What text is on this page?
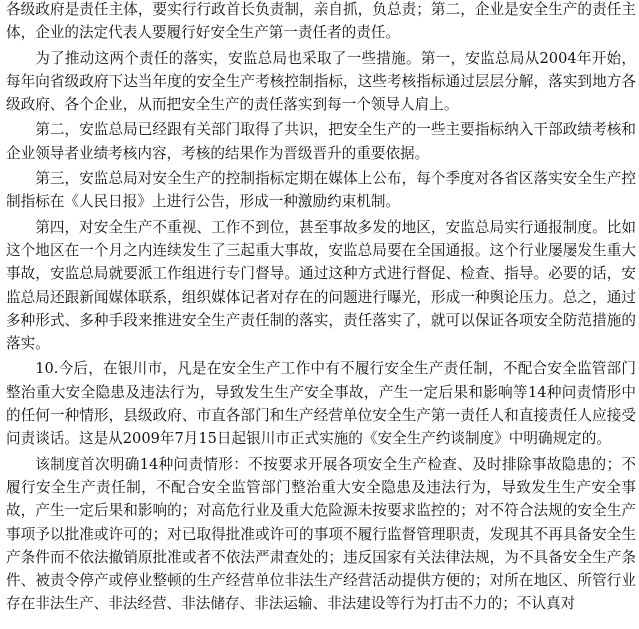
各级政府是责任主体，要实行行政首长负责制，亲自抓，负总责；第二，企业是安全生产的责任主体，企业的法定代表人要履行好安全生产第一责任者的责任。

为了推动这两个责任的落实，安监总局也采取了一些措施。第一，安监总局从2004年开始，每年向省级政府下达当年度的安全生产考核控制指标，这些考核指标通过层层分解，落实到地方各级政府、各个企业，从而把安全生产的责任落实到每一个领导人肩上。

第二，安监总局已经跟有关部门取得了共识，把安全生产的一些主要指标纳入干部政绩考核和企业领导者业绩考核内容，考核的结果作为晋级晋升的重要依据。

第三，安监总局对安全生产的控制指标定期在媒体上公布，每个季度对各省区落实安全生产控制指标在《人民日报》上进行公告，形成一种激励约束机制。

第四，对安全生产不重视、工作不到位，甚至事故多发的地区，安监总局实行通报制度。比如这个地区在一个月之内连续发生了三起重大事故，安监总局要在全国通报。这个行业屡屡发生重大事故，安监总局就要派工作组进行专门督导。通过这种方式进行督促、检查、指导。必要的话，安监总局还跟新闻媒体联系，组织媒体记者对存在的问题进行曝光，形成一种舆论压力。总之，通过多种形式、多种手段来推进安全生产责任制的落实，责任落实了，就可以保证各项安全防范措施的落实。

10.今后，在银川市，凡是在安全生产工作中有不履行安全生产责任制，不配合安全监管部门整治重大安全隐患及违法行为，导致发生生产安全事故，产生一定后果和影响等14种问责情形中的任何一种情形，县级政府、市直各部门和生产经营单位安全生产第一责任人和直接责任人应接受问责谈话。这是从2009年7月15日起银川市正式实施的《安全生产约谈制度》中明确规定的。

该制度首次明确14种问责情形：不按要求开展各项安全生产检查、及时排除事故隐患的；不履行安全生产责任制，不配合安全监管部门整治重大安全隐患及违法行为，导致发生生产安全事故，产生一定后果和影响的；对高危行业及重大危险源未按要求监控的；对不符合法规的安全生产事项予以批准或许可的；对已取得批准或许可的事项不履行监督管理职责，发现其不再具备安全生产条件而不依法撤销原批准或者不依法严肃查处的；违反国家有关法律法规，为不具备安全生产条件、被责令停产或停业整顿的生产经营单位非法生产经营活动提供方便的；对所在地区、所管行业存在非法生产、非法经营、非法储存、非法运输、非法建设等行为打击不力的；不认真对
